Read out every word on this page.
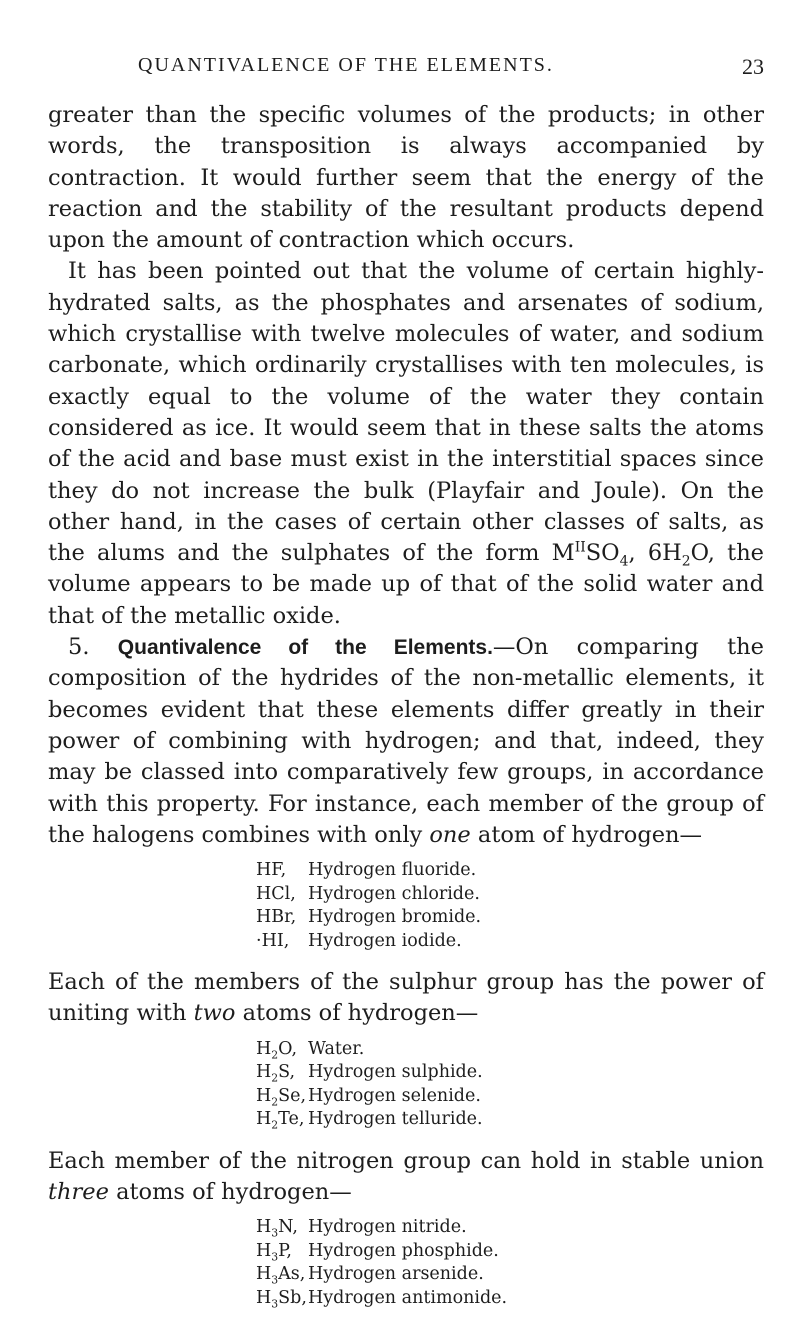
QUANTIVALENCE OF THE ELEMENTS.	23

greater than the specific volumes of the products; in other words, the transposition is always accompanied by contraction. It would further seem that the energy of the reaction and the stability of the resultant products depend upon the amount of contraction which occurs.

It has been pointed out that the volume of certain highly-hydrated salts, as the phosphates and arsenates of sodium, which crystallise with twelve molecules of water, and sodium carbonate, which ordinarily crystallises with ten molecules, is exactly equal to the volume of the water they contain considered as ice. It would seem that in these salts the atoms of the acid and base must exist in the interstitial spaces since they do not increase the bulk (Playfair and Joule). On the other hand, in the cases of certain other classes of salts, as the alums and the sulphates of the form $M^{II}SO_4$, $6H_2O$, the volume appears to be made up of that of the solid water and that of the metallic oxide.

5. Quantivalence of the Elements.—On comparing the composition of the hydrides of the non-metallic elements, it becomes evident that these elements differ greatly in their power of combining with hydrogen; and that, indeed, they may be classed into comparatively few groups, in accordance with this property. For instance, each member of the group of the halogens combines with only one atom of hydrogen—

HF,	Hydrogen fluoride.
HCl, Hydrogen chloride.
HBr, Hydrogen bromide.
·HI,	Hydrogen iodide.

Each of the members of the sulphur group has the power of uniting with two atoms of hydrogen—

$H_2O$, Water.
$H_2S$, Hydrogen sulphide.
$H_2Se$, Hydrogen selenide.
$H_2Te$, Hydrogen telluride.

Each member of the nitrogen group can hold in stable union three atoms of hydrogen—

$H_3N$, Hydrogen nitride.
$H_3P$, Hydrogen phosphide.
$H_3As$, Hydrogen arsenide.
$H_3Sb$, Hydrogen antimonide.
